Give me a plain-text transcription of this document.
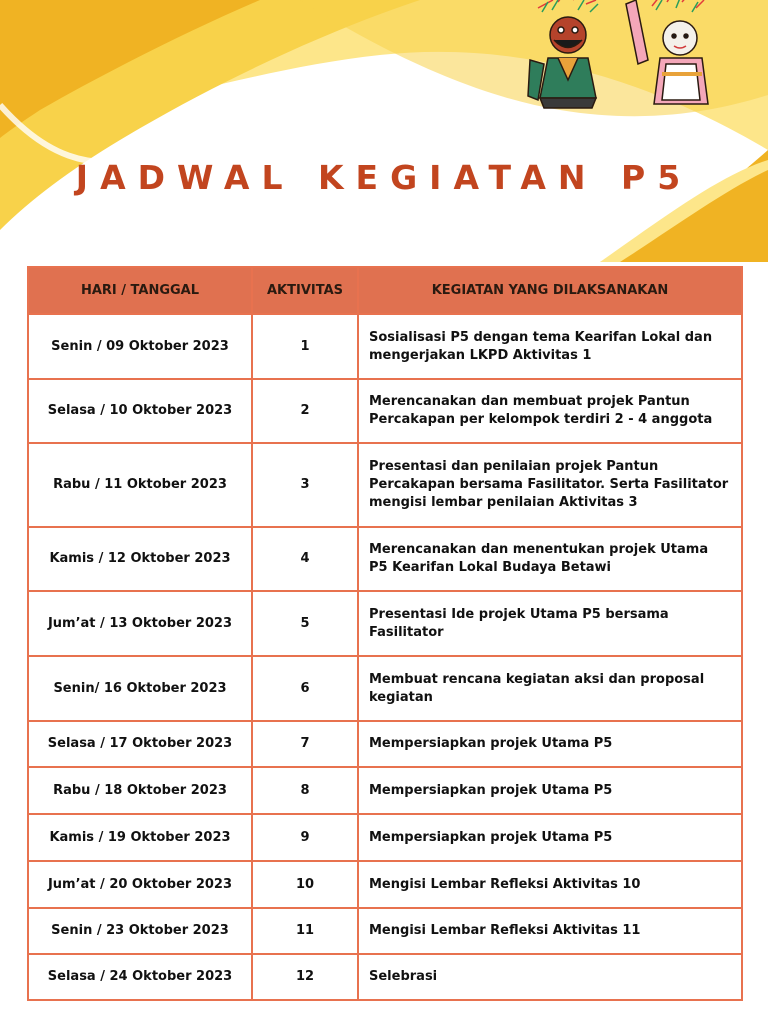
JADWAL KEGIATAN P5
HARI / TANGGAL	AKTIVITAS	KEGIATAN YANG DILAKSANAKAN
Senin / 09 Oktober 2023	1	Sosialisasi P5 dengan tema Kearifan Lokal dan mengerjakan LKPD Aktivitas 1
Selasa / 10 Oktober 2023	2	Merencanakan dan membuat projek Pantun Percakapan per kelompok terdiri 2 - 4 anggota
Rabu / 11 Oktober 2023	3	Presentasi dan penilaian projek Pantun Percakapan bersama Fasilitator. Serta Fasilitator mengisi lembar penilaian Aktivitas 3
Kamis / 12 Oktober 2023	4	Merencanakan dan menentukan projek Utama P5 Kearifan Lokal Budaya Betawi
Jum’at / 13 Oktober 2023	5	Presentasi Ide projek Utama P5 bersama Fasilitator
Senin/ 16 Oktober 2023	6	Membuat rencana kegiatan aksi dan proposal kegiatan
Selasa / 17 Oktober 2023	7	Mempersiapkan projek Utama P5
Rabu / 18 Oktober 2023	8	Mempersiapkan projek Utama P5
Kamis / 19 Oktober 2023	9	Mempersiapkan projek Utama P5
Jum’at / 20 Oktober 2023	10	Mengisi Lembar Refleksi Aktivitas 10
Senin / 23 Oktober 2023	11	Mengisi Lembar Refleksi Aktivitas 11
Selasa / 24 Oktober 2023	12	Selebrasi
